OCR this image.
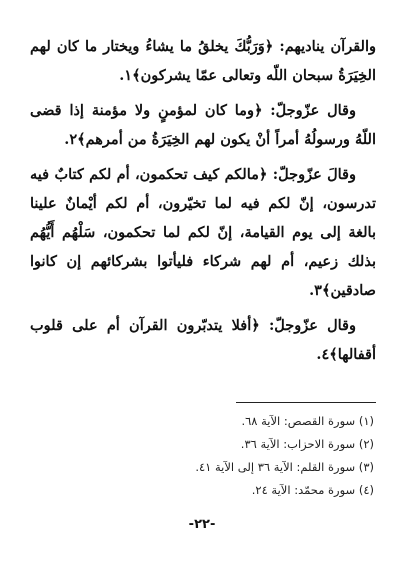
والقرآن يناديهم: ﴿وَرَبُّكَ يخلقُ ما يشاءُ ويختار ما كان لهم الخِيَرَةُ سبحان اللّه وتعالى عمّا يشركون﴾١.

وقال عزّوجلّ: ﴿وما كان لمؤمنٍ ولا مؤمنة إذا قضى اللّهُ ورسولُهُ أمراً أنْ يكون لهم الخِيَرَةُ من أمرهم﴾٢.

وقالَ عزّوجلّ: ﴿مالكم كيف تحكمون، أم لكم كتابٌ فيه تدرسون، إنّ لكم فيه لما تخيّرون، أم لكم أيْمانٌ علينا بالغة إلى يوم القيامة، إنّ لكم لما تحكمون، سَلْهُم أَيُّهُم بذلك زعيم، أم لهم شركاء فليأتوا بشركائهم إن كانوا صادقين﴾٣.

وقال عزّوجلّ: ﴿أفلا يتدبّرون القرآن أم على قلوب أقفالها﴾٤.

(١) سورة القصص: الآية ٦٨.

(٢) سورة الاحزاب: الآية ٣٦.

(٣) سورة القلم: الآية ٣٦ إلى الآية ٤١.

(٤) سورة محمّد: الآية ٢٤.

-٢٢-
